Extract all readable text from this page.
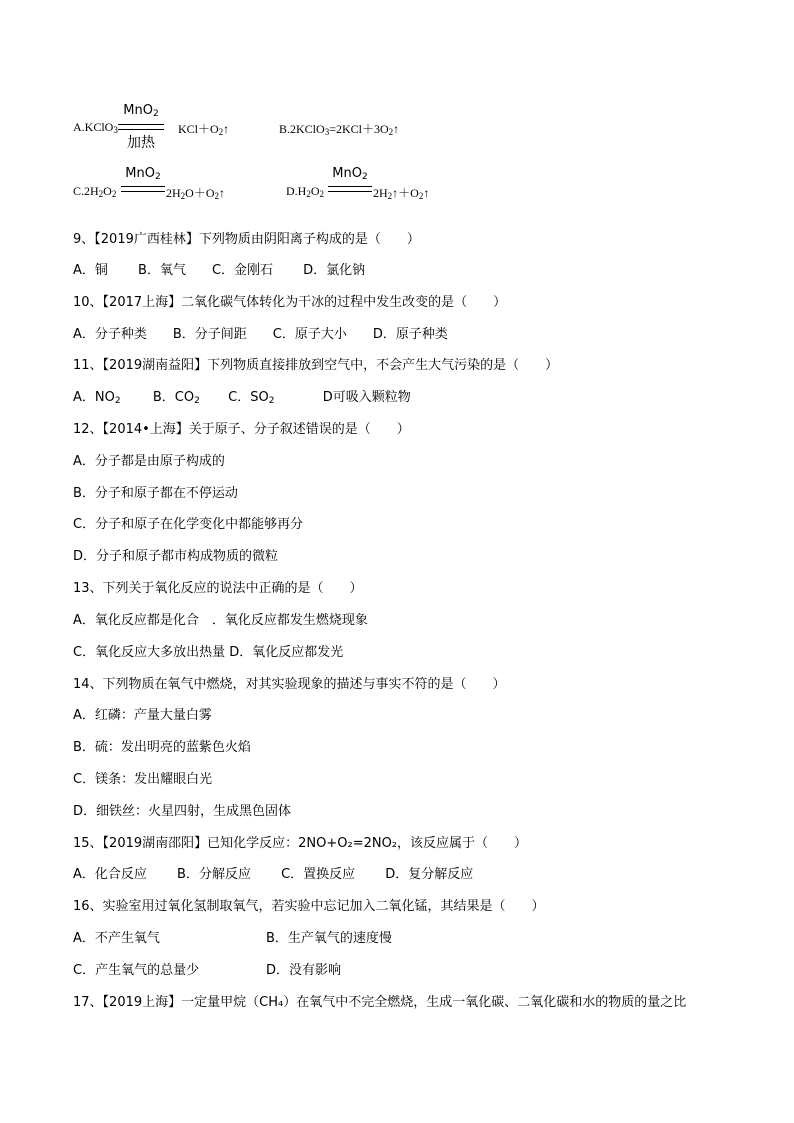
A.KClO$_3$
MnO$_2$
加热
$KCl+O_2↑$	$B.2KClO_3=2KCl+3O_2↑$
$C.2H_2O_2$
MnO$_2$
$2H_2O+O_2↑$	$D.H_2O_2$
MnO$_2$
$2H_2↑+O_2↑$
9、【2019广西桂林】下列物质由阴阳离子构成的是（　　）
A．铜　　 B．氧气　　C．金刚石　　 D．氯化钠
10、【2017上海】二氧化碳气体转化为干冰的过程中发生改变的是（　　）
A．分子种类　　B．分子间距　　C．原子大小　　D．原子种类
11、【2019湖南益阳】下列物质直接排放到空气中，不会产生大气污染的是（　　）
A．$NO_2$ B．$CO_2$ C．$SO_2$	D可吸入颗粒物
12、【2014•上海】关于原子、分子叙述错误的是（　　）
A．分子都是由原子构成的
B．分子和原子都在不停运动
C．分子和原子在化学变化中都能够再分
D．分子和原子都市构成物质的微粒
13、下列关于氧化反应的说法中正确的是（　　）
A．氧化反应都是化合　．氧化反应都发生燃烧现象
C．氧化反应大多放出热量 D．氧化反应都发光
14、下列物质在氧气中燃烧，对其实验现象的描述与事实不符的是（　　）
A．红磷：产量大量白雾
B．硫：发出明亮的蓝紫色火焰
C．镁条：发出耀眼白光
D．细铁丝：火星四射，生成黑色固体
15、【2019湖南邵阳】已知化学反应：2NO+O₂=2NO₂，该反应属于（　　）
A．化合反应　　 B．分解反应　　 C．置换反应　　 D．复分解反应
16、实验室用过氧化氢制取氧气，若实验中忘记加入二氧化锰，其结果是（　　）
A．不产生氧气	B．生产氧气的速度慢
C．产生氧气的总量少	D．没有影响
17、【2019上海】一定量甲烷（CH₄）在氧气中不完全燃烧，生成一氧化碳、二氧化碳和水的物质的量之比
